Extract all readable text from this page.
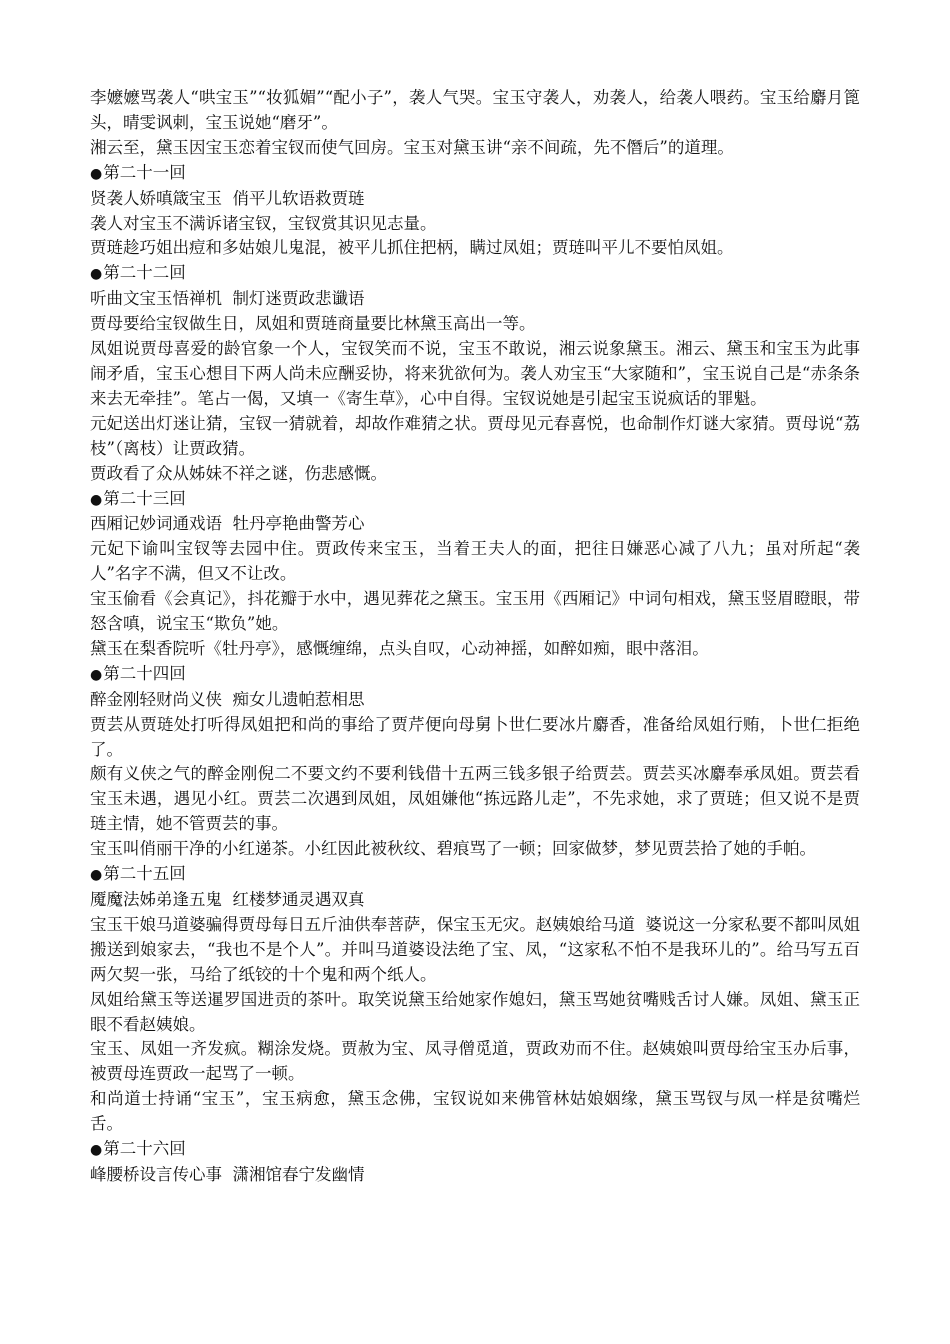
李嬷嬷骂袭人“哄宝玉”“妆狐媚”“配小子”，袭人气哭。宝玉守袭人，劝袭人，给袭人喂药。宝玉给麝月篦头，晴雯讽刺，宝玉说她“磨牙”。

湘云至，黛玉因宝玉恋着宝钗而使气回房。宝玉对黛玉讲“亲不间疏，先不僭后”的道理。

●第二十一回

贤袭人娇嗔箴宝玉  俏平儿软语救贾琏

袭人对宝玉不满诉诸宝钗，宝钗赏其识见志量。

贾琏趁巧姐出痘和多姑娘儿鬼混，被平儿抓住把柄，瞒过凤姐；贾琏叫平儿不要怕凤姐。

●第二十二回

听曲文宝玉悟禅机  制灯迷贾政悲谶语

贾母要给宝钗做生日，凤姐和贾琏商量要比林黛玉高出一等。

凤姐说贾母喜爱的龄官象一个人，宝钗笑而不说，宝玉不敢说，湘云说象黛玉。湘云、黛玉和宝玉为此事闹矛盾，宝玉心想目下两人尚未应酬妥协，将来犹欲何为。袭人劝宝玉“大家随和”，宝玉说自己是“赤条条来去无牵挂”。笔占一偈，又填一《寄生草》，心中自得。宝钗说她是引起宝玉说疯话的罪魁。

元妃送出灯迷让猜，宝钗一猜就着，却故作难猜之状。贾母见元春喜悦，也命制作灯谜大家猜。贾母说“荔枝”（离枝）让贾政猜。

贾政看了众从姊妹不祥之谜，伤悲感慨。

●第二十三回

西厢记妙词通戏语  牡丹亭艳曲警芳心

元妃下谕叫宝钗等去园中住。贾政传来宝玉，当着王夫人的面，把往日嫌恶心减了八九；虽对所起“袭人”名字不满，但又不让改。

宝玉偷看《会真记》，抖花瓣于水中，遇见葬花之黛玉。宝玉用《西厢记》中词句相戏，黛玉竖眉瞪眼，带怒含嗔，说宝玉“欺负”她。

黛玉在梨香院听《牡丹亭》，感慨缠绵，点头自叹，心动神摇，如醉如痴，眼中落泪。

●第二十四回

醉金刚轻财尚义侠  痴女儿遗帕惹相思

贾芸从贾琏处打听得凤姐把和尚的事给了贾芹便向母舅卜世仁要冰片麝香，准备给凤姐行贿，卜世仁拒绝了。

颇有义侠之气的醉金刚倪二不要文约不要利钱借十五两三钱多银子给贾芸。贾芸买冰麝奉承凤姐。贾芸看宝玉未遇，遇见小红。贾芸二次遇到凤姐，凤姐嫌他“拣远路儿走”，不先求她，求了贾琏；但又说不是贾琏主情，她不管贾芸的事。

宝玉叫俏丽干净的小红递茶。小红因此被秋纹、碧痕骂了一顿；回家做梦，梦见贾芸拾了她的手帕。

●第二十五回

魇魔法姊弟逢五鬼  红楼梦通灵遇双真

宝玉干娘马道婆骗得贾母每日五斤油供奉菩萨，保宝玉无灾。赵姨娘给马道  婆说这一分家私要不都叫凤姐搬送到娘家去，“我也不是个人”。并叫马道婆设法绝了宝、凤，“这家私不怕不是我环儿的”。给马写五百两欠契一张，马给了纸铰的十个鬼和两个纸人。

凤姐给黛玉等送暹罗国进贡的茶叶。取笑说黛玉给她家作媳妇，黛玉骂她贫嘴贱舌讨人嫌。凤姐、黛玉正眼不看赵姨娘。

宝玉、凤姐一齐发疯。糊涂发烧。贾赦为宝、凤寻僧觅道，贾政劝而不住。赵姨娘叫贾母给宝玉办后事，被贾母连贾政一起骂了一顿。

和尚道士持诵“宝玉”，宝玉病愈，黛玉念佛，宝钗说如来佛管林姑娘姻缘，黛玉骂钗与凤一样是贫嘴烂舌。

●第二十六回

峰腰桥设言传心事  潇湘馆春宁发幽情
